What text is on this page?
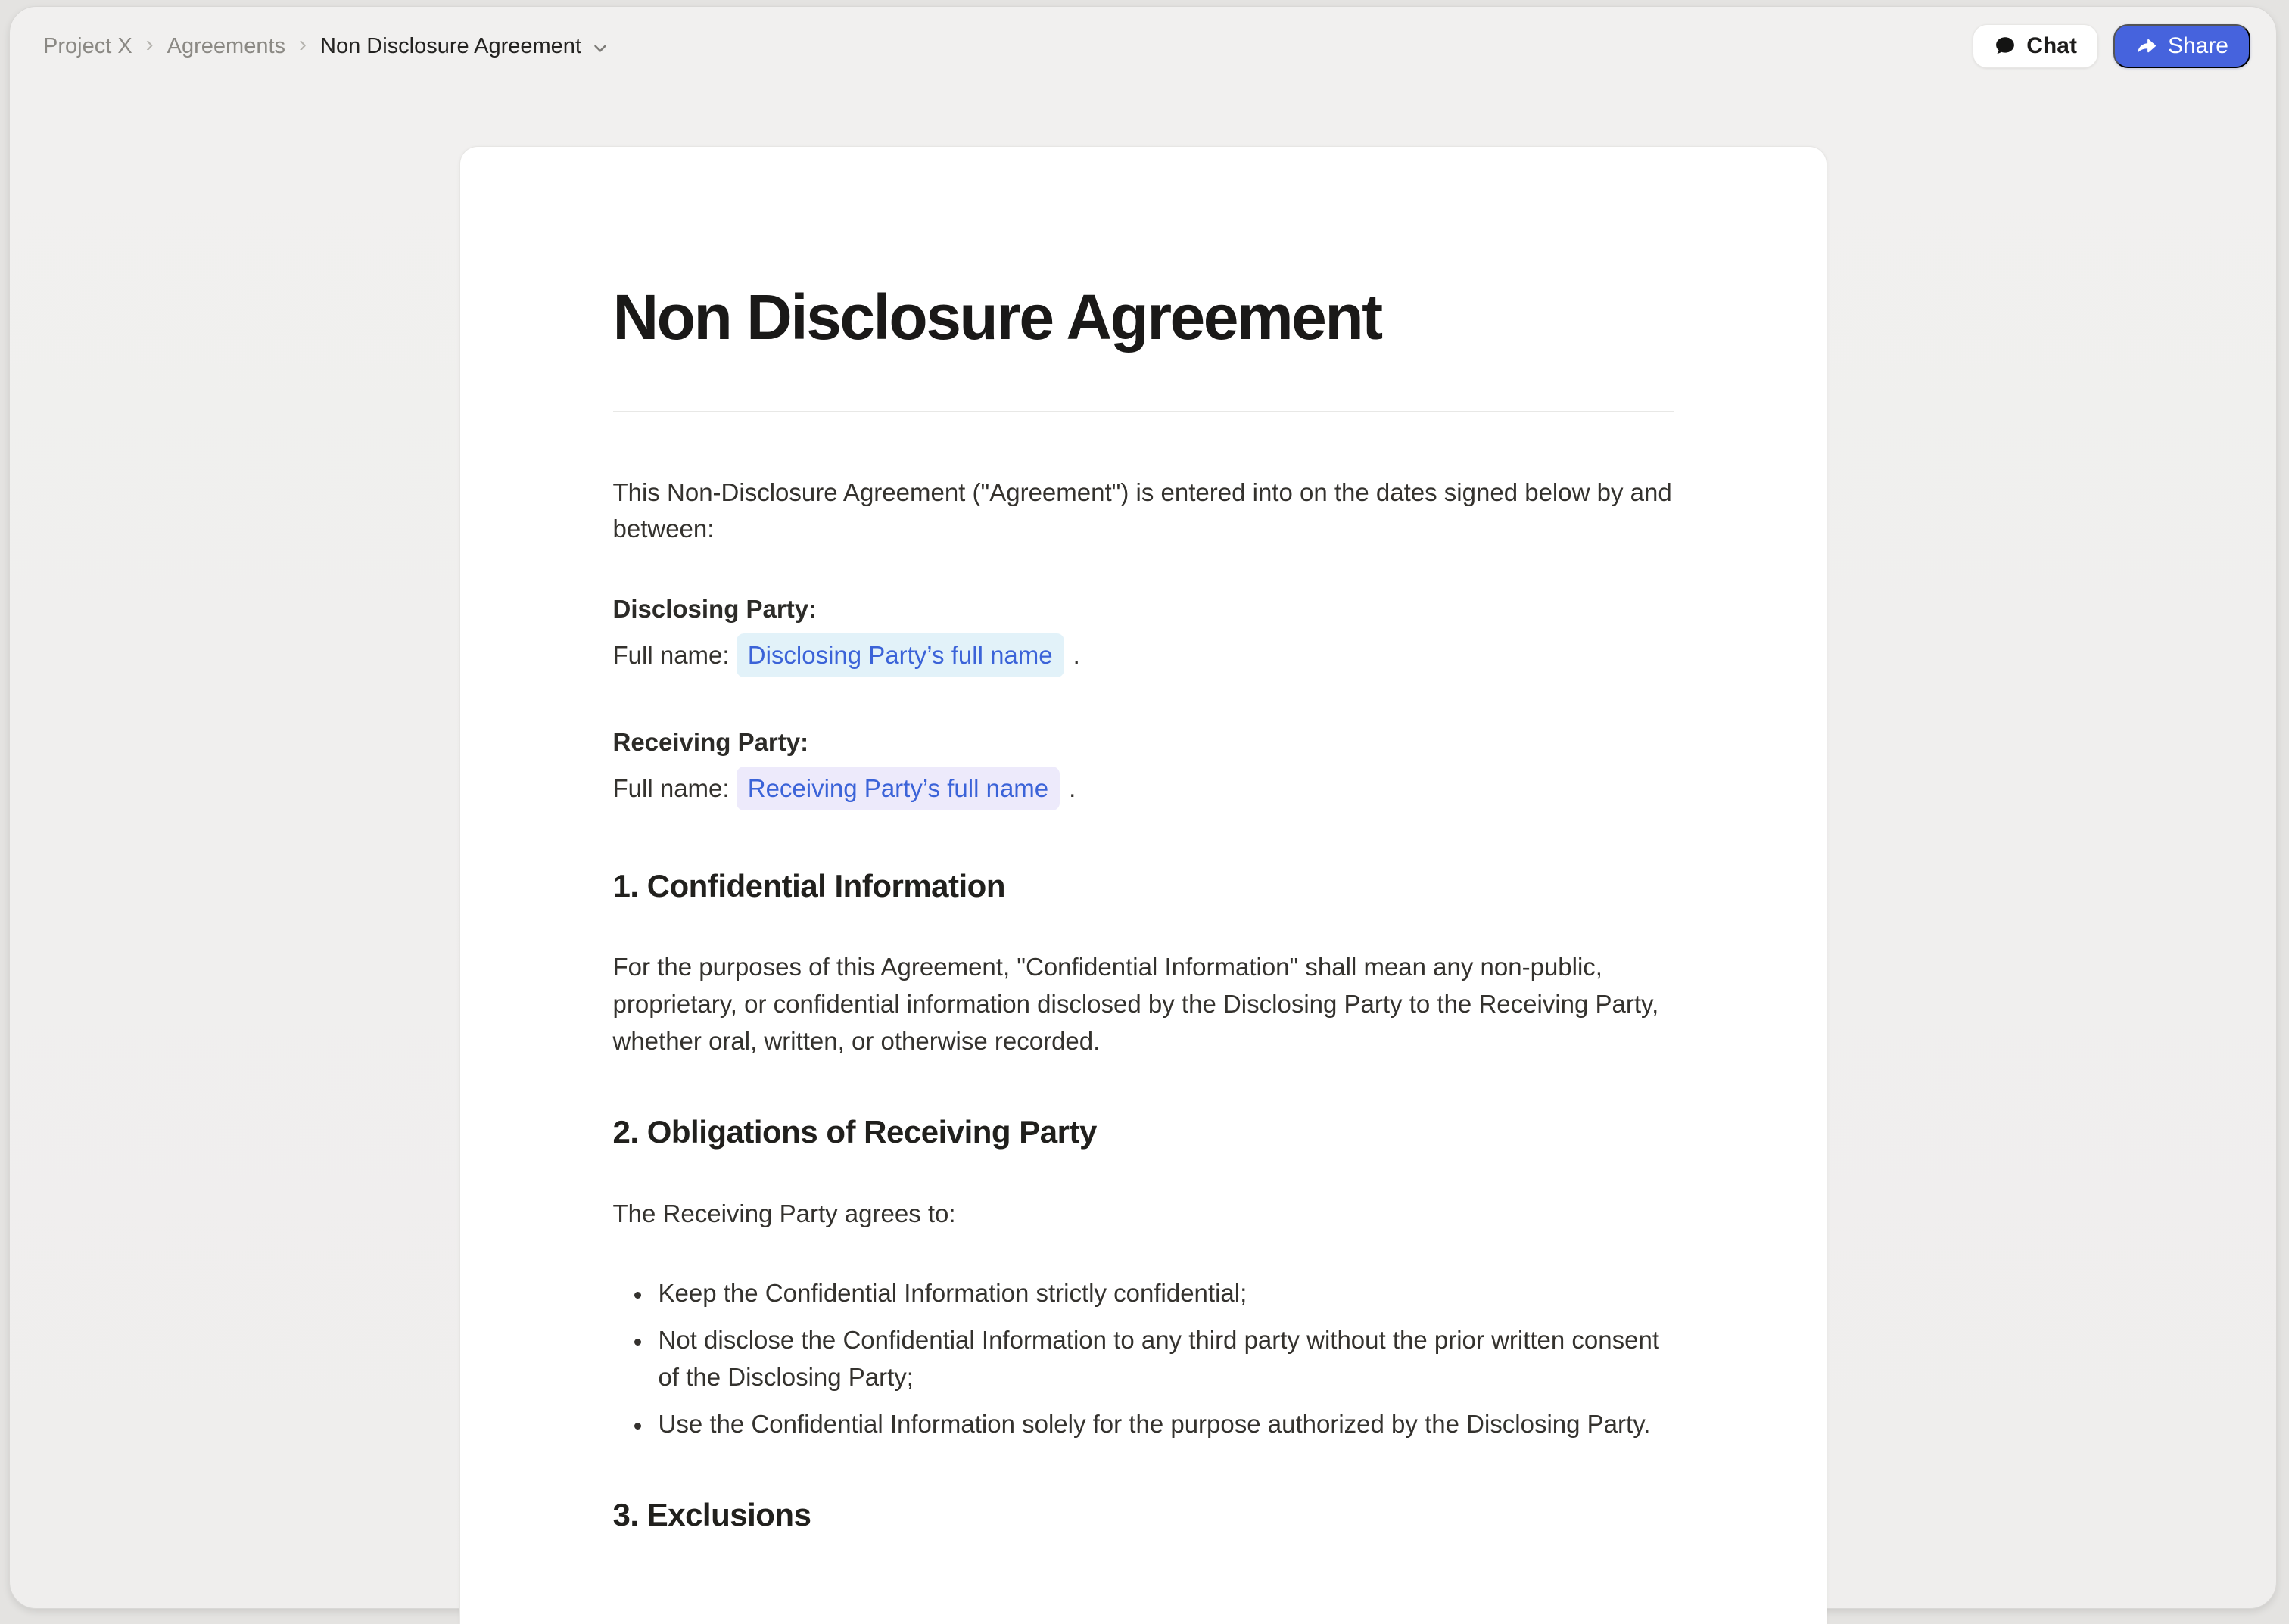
Project X › Agreements › Non Disclosure Agreement	Chat	Share
Non Disclosure Agreement

This Non-Disclosure Agreement ("Agreement") is entered into on the dates signed below by and between:

Disclosing Party:

Full name: Disclosing Party’s full name .

Receiving Party:

Full name: Receiving Party’s full name .

1. Confidential Information

For the purposes of this Agreement, "Confidential Information" shall mean any non-public, proprietary, or confidential information disclosed by the Disclosing Party to the Receiving Party, whether oral, written, or otherwise recorded.

2. Obligations of Receiving Party

The Receiving Party agrees to:

• Keep the Confidential Information strictly confidential;
• Not disclose the Confidential Information to any third party without the prior written consent of the Disclosing Party;
• Use the Confidential Information solely for the purpose authorized by the Disclosing Party.
3. Exclusions
